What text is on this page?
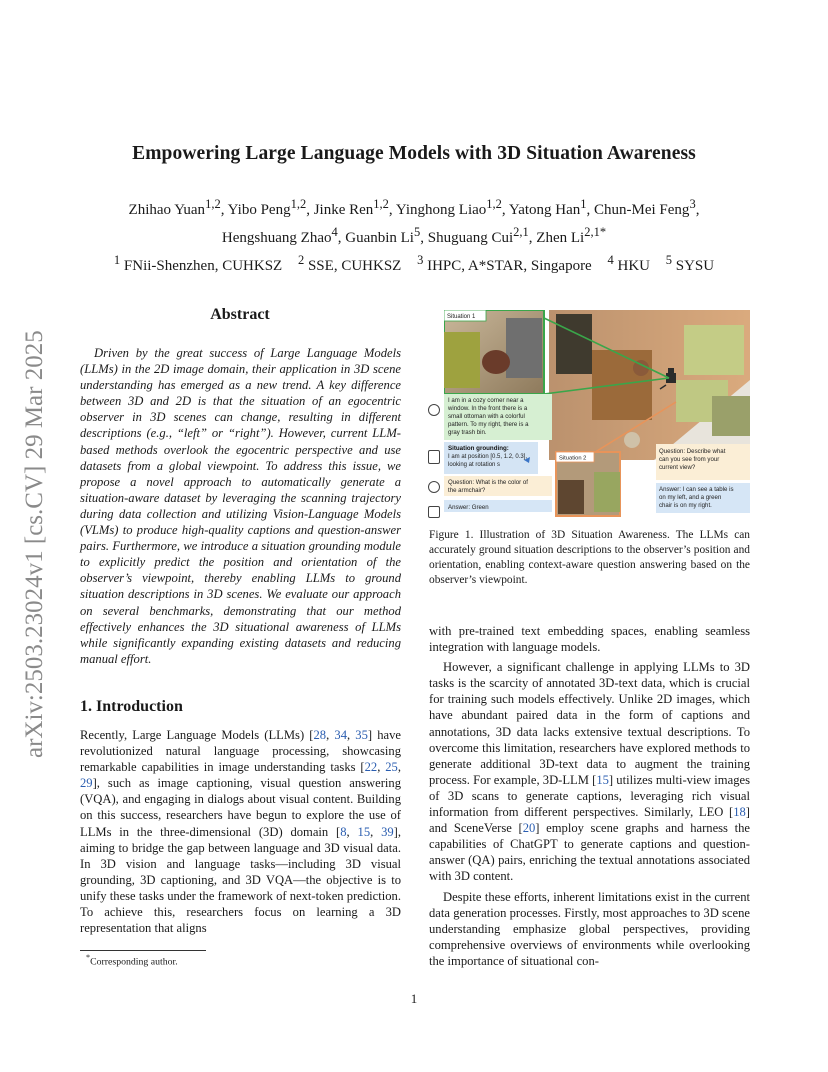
arXiv:2503.23024v1 [cs.CV] 29 Mar 2025
Empowering Large Language Models with 3D Situation Awareness
Zhihao Yuan$^{1,2}$, Yibo Peng$^{1,2}$, Jinke Ren$^{1,2}$, Yinghong Liao$^{1,2}$, Yatong Han$^1$, Chun-Mei Feng$^3$,
Hengshuang Zhao$^4$, Guanbin Li$^5$, Shuguang Cui$^{2,1}$, Zhen $Li^{2,1*}$
$^1$ FNii-Shenzhen, CUHKSZ $^2$ SSE, CUHKSZ $^3$ IHPC, A*STAR, Singapore $^4$ HKU $^5$ SYSU
Abstract
Driven by the great success of Large Language Models (LLMs) in the 2D image domain, their application in 3D scene understanding has emerged as a new trend. A key difference between 3D and 2D is that the situation of an egocentric observer in 3D scenes can change, resulting in different descriptions (e.g., “left” or “right”). However, current LLM-based methods overlook the egocentric perspective and use datasets from a global viewpoint. To address this issue, we propose a novel approach to automatically generate a situation-aware dataset by leveraging the scanning trajectory during data collection and utilizing Vision-Language Models (VLMs) to produce high-quality captions and question-answer pairs. Furthermore, we introduce a situation grounding module to explicitly predict the position and orientation of the observer’s viewpoint, thereby enabling LLMs to ground situation descriptions in 3D scenes. We evaluate our approach on several benchmarks, demonstrating that our method effectively enhances the 3D situational awareness of LLMs while significantly expanding existing datasets and reducing manual effort.
1. Introduction
Recently, Large Language Models (LLMs) [28, 34, 35] have revolutionized natural language processing, showcasing remarkable capabilities in image understanding tasks [22, 25, 29], such as image captioning, visual question answering (VQA), and engaging in dialogs about visual content. Building on this success, researchers have begun to explore the use of LLMs in the three-dimensional (3D) domain [8, 15, 39], aiming to bridge the gap between language and 3D visual data. In 3D vision and language tasks—including 3D visual grounding, 3D captioning, and 3D VQA—the objective is to unify these tasks under the framework of next-token prediction. To achieve this, researchers focus on learning a 3D representation that aligns
*Corresponding author.
Situation 1
I am in a cozy corner near a
window. In the front there is a
small ottoman with a colorful
pattern. To my right, there is a
gray trash bin.
Situation grounding:
I am at position [0.5, 1.2, 0.3],
looking at rotation s
Question: What is the color of
the armchair?
Answer: Green
Situation 2
Question: Describe what
can you see from your
current view?
Answer: I can see a table is
on my left, and a green
chair is on my right.
Figure 1. Illustration of 3D Situation Awareness. The LLMs can accurately ground situation descriptions to the observer’s position and orientation, enabling context-aware question answering based on the observer’s viewpoint.

with pre-trained text embedding spaces, enabling seamless integration with language models.

However, a significant challenge in applying LLMs to 3D tasks is the scarcity of annotated 3D-text data, which is crucial for training such models effectively. Unlike 2D images, which have abundant paired data in the form of captions and annotations, 3D data lacks extensive textual descriptions. To overcome this limitation, researchers have explored methods to generate additional 3D-text data to augment the training process. For example, 3D-LLM [15] utilizes multi-view images of 3D scans to generate captions, leveraging rich visual information from different perspectives. Similarly, LEO [18] and SceneVerse [20] employ scene graphs and harness the capabilities of ChatGPT to generate captions and question-answer (QA) pairs, enriching the textual annotations associated with 3D content.

Despite these efforts, inherent limitations exist in the current data generation processes. Firstly, most approaches to 3D scene understanding emphasize global perspectives, providing comprehensive overviews of environments while overlooking the importance of situational con-

1
